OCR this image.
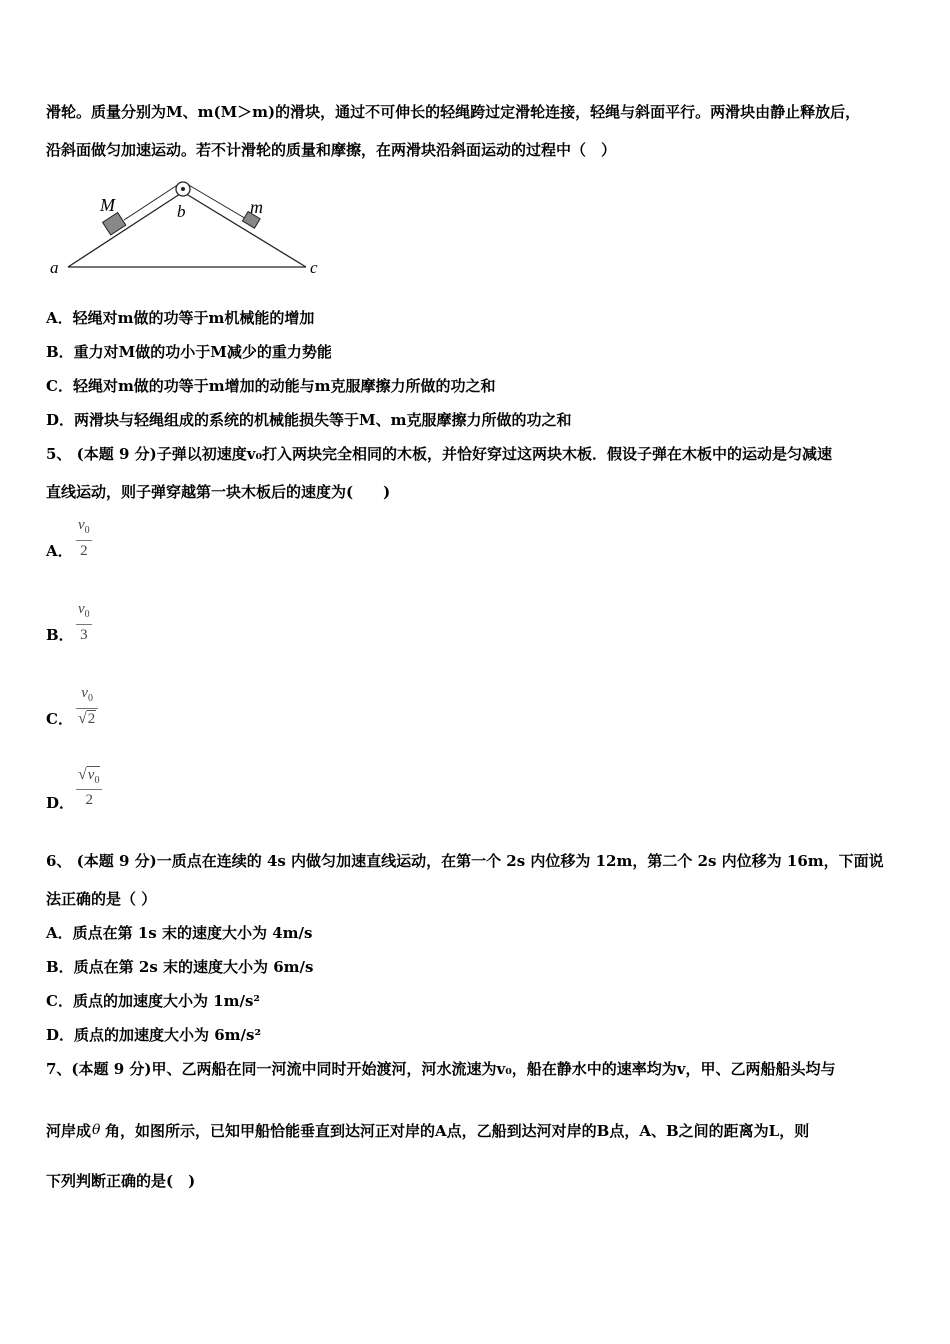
滑轮。质量分别为M、m(M＞m)的滑块，通过不可伸长的轻绳跨过定滑轮连接，轻绳与斜面平行。两滑块由静止释放后，
沿斜面做匀加速运动。若不计滑轮的质量和摩擦，在两滑块沿斜面运动的过程中（　）
M	b	m
a	c
A．轻绳对m做的功等于m机械能的增加
B．重力对M做的功小于M减少的重力势能
C．轻绳对m做的功等于m增加的动能与m克服摩擦力所做的功之和
D．两滑块与轻绳组成的系统的机械能损失等于M、m克服摩擦力所做的功之和
5、 (本题 9 分)子弹以初速度v₀打入两块完全相同的木板，并恰好穿过这两块木板．假设子弹在木板中的运动是匀减速
直线运动，则子弹穿越第一块木板后的速度为(　　)
A．
$v_0$
2
B．
$v_0$
3
C．
$v_0$
√ 2
D．
√ $v_0$
2
6、 (本题 9 分)一质点在连续的 4s 内做匀加速直线运动，在第一个 2s 内位移为 12m，第二个 2s 内位移为 16m，下面说
法正确的是（ ）
A．质点在第 1s 末的速度大小为 4m/s
B．质点在第 2s 末的速度大小为 6m/s
C．质点的加速度大小为 1m/s²
D．质点的加速度大小为 6m/s²
7、(本题 9 分)甲、乙两船在同一河流中同时开始渡河，河水流速为v₀，船在静水中的速率均为v，甲、乙两船船头均与
河岸成 θ 角，如图所示，已知甲船恰能垂直到达河正对岸的A点，乙船到达河对岸的B点，A、B之间的距离为L，则
下列判断正确的是(　)
